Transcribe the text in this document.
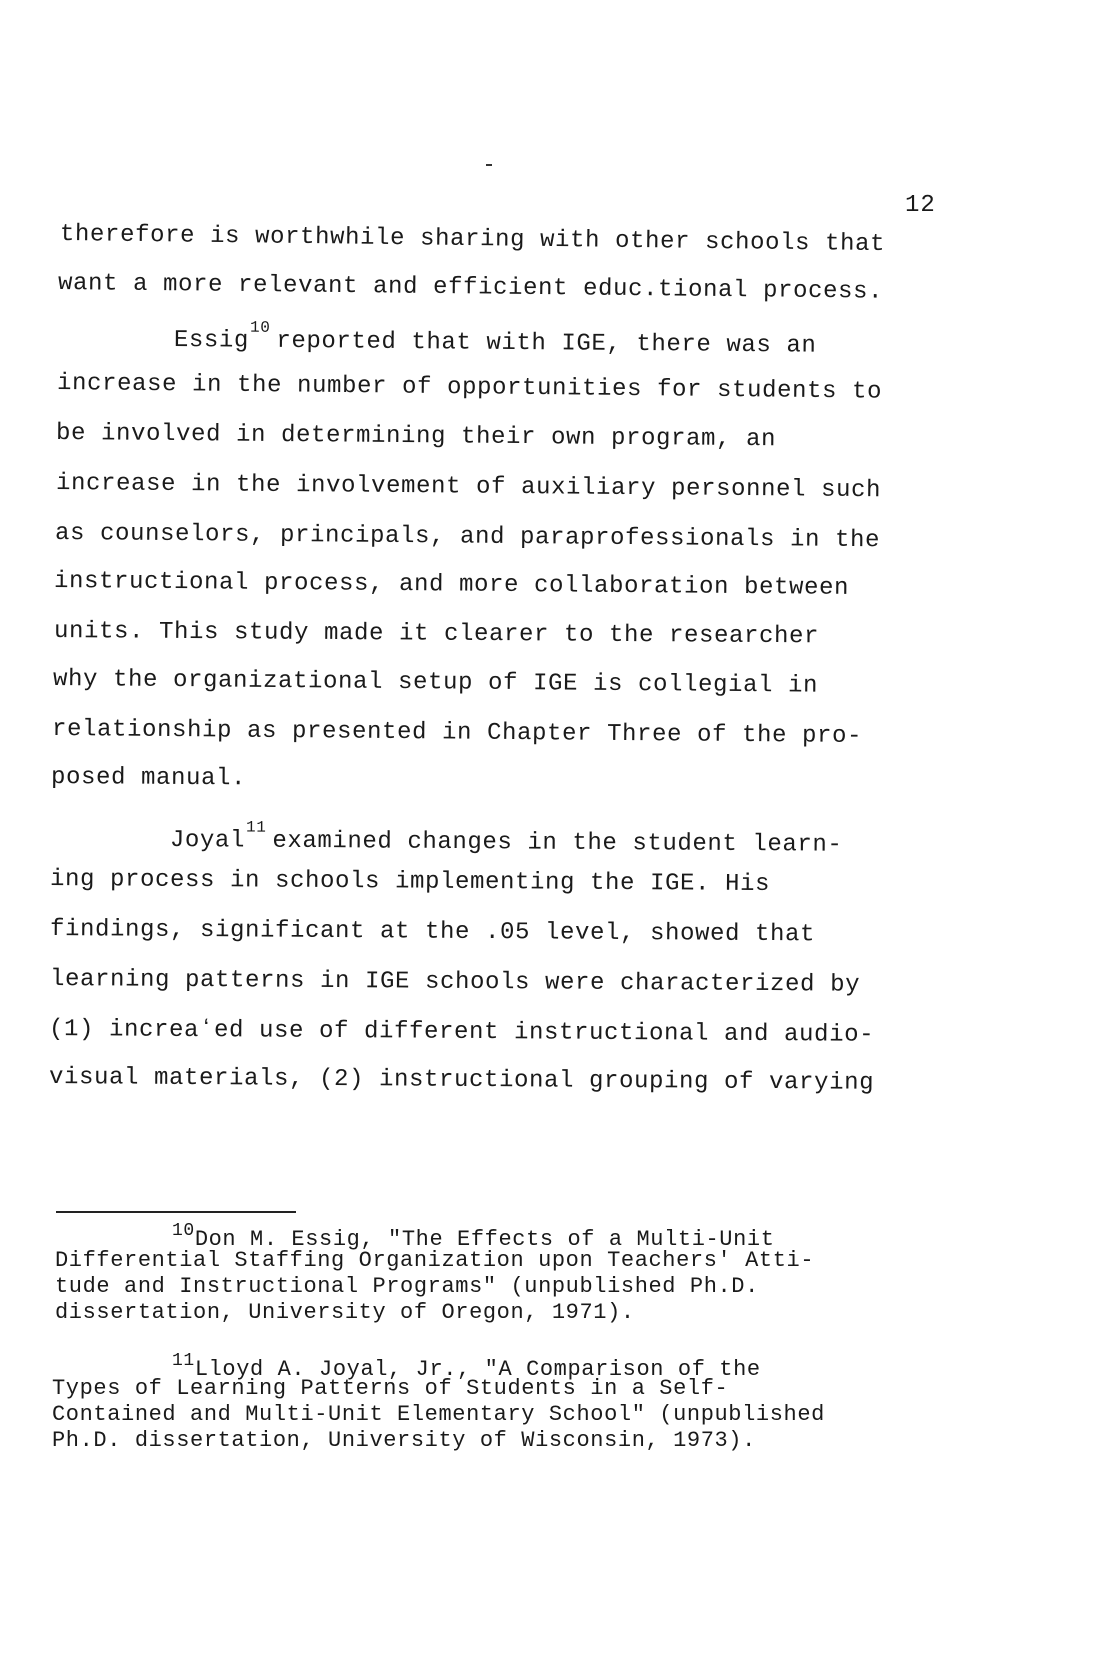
12
therefore is worthwhile sharing with other schools that
want a more relevant and efficient educ.tional process.
Essig$^{10}$reported that with IGE, there was an
increase in the number of opportunities for students to
be involved in determining their own program, an
increase in the involvement of auxiliary personnel such
as counselors, principals, and paraprofessionals in the
instructional process, and more collaboration between
units. This study made it clearer to the researcher
why the organizational setup of IGE is collegial in
relationship as presented in Chapter Three of the pro-
posed manual.
Joyal$^{11}$examined changes in the student learn-
ing process in schools implementing the IGE. His
findings, significant at the .05 level, showed that
learning patterns in IGE schools were characterized by
(1) increaʻed use of different instructional and audio-
visual materials, (2) instructional grouping of varying
$^{10}$Don M. Essig, "The Effects of a Multi-Unit
Differential Staffing Organization upon Teachers' Atti-
tude and Instructional Programs" (unpublished Ph.D.
dissertation, University of Oregon, 1971).
$^{11}$Lloyd A. Joyal, Jr., "A Comparison of the
Types of Learning Patterns of Students in a Self-
Contained and Multi-Unit Elementary School" (unpublished
Ph.D. dissertation, University of Wisconsin, 1973).
